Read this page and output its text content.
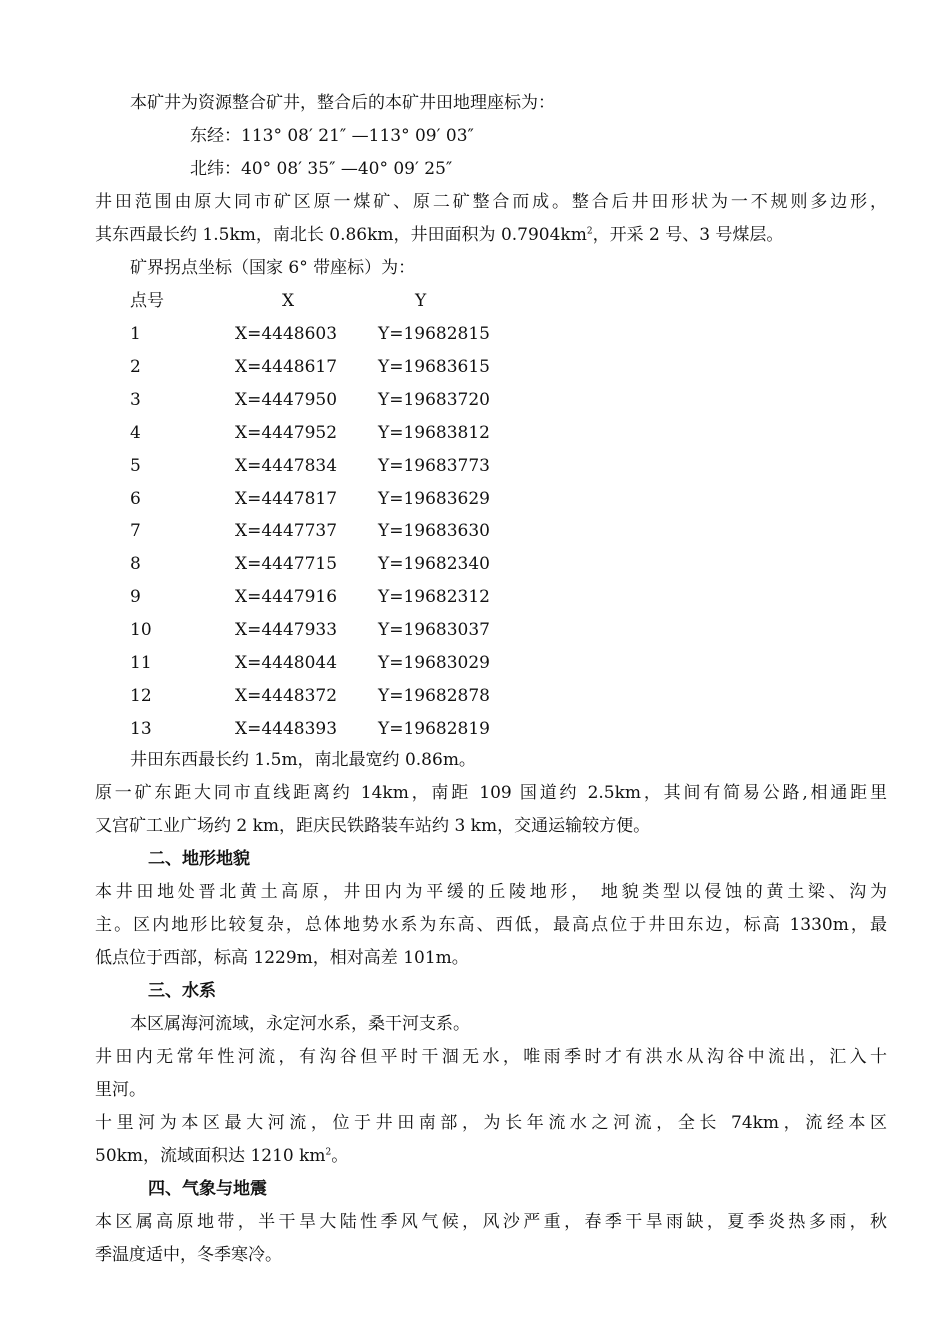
本矿井为资源整合矿井，整合后的本矿井田地理座标为：
东经：113° 08′ 21″ —113° 09′ 03″
北纬：40° 08′ 35″ —40° 09′ 25″
井田范围由原大同市矿区原一煤矿、原二矿整合而成。整合后井田形状为一不规则多边形，
其东西最长约 1.5km，南北长 0.86km，井田面积为 $0.7904km^2$，开采 2 号、3 号煤层。
矿界拐点坐标（国家 6° 带座标）为：
点号	X	Y
1	X=4448603 Y=19682815
2	X=4448617 Y=19683615
3	X=4447950 Y=19683720
4	X=4447952 Y=19683812
5	X=4447834 Y=19683773
6	X=4447817 Y=19683629
7	X=4447737 Y=19683630
8	X=4447715 Y=19682340
9	X=4447916 Y=19682312
10	X=4447933 Y=19683037
11	X=4448044 Y=19683029
12	X=4448372 Y=19682878
13	X=4448393 Y=19682819
井田东西最长约 1.5m，南北最宽约 0.86m。
原一矿东距大同市直线距离约 14km，南距 109 国道约 2.5km，其间有简易公路,相通距里
又宫矿工业广场约 2 km，距庆民铁路装车站约 3 km，交通运输较方便。
二、地形地貌
本井田地处晋北黄土高原，井田内为平缓的丘陵地形， 地貌类型以侵蚀的黄土梁、沟为
主。区内地形比较复杂，总体地势水系为东高、西低，最高点位于井田东边，标高 1330m，最
低点位于西部，标高 1229m，相对高差 101m。
三、水系
本区属海河流域，永定河水系，桑干河支系。
井田内无常年性河流，有沟谷但平时干涸无水，唯雨季时才有洪水从沟谷中流出，汇入十
里河。
十里河为本区最大河流，位于井田南部，为长年流水之河流，全长 74km，流经本区
50km，流域面积达 1210 $km^2$。
四、气象与地震
本区属高原地带，半干旱大陆性季风气候，风沙严重，春季干旱雨缺，夏季炎热多雨，秋
季温度适中，冬季寒冷。
